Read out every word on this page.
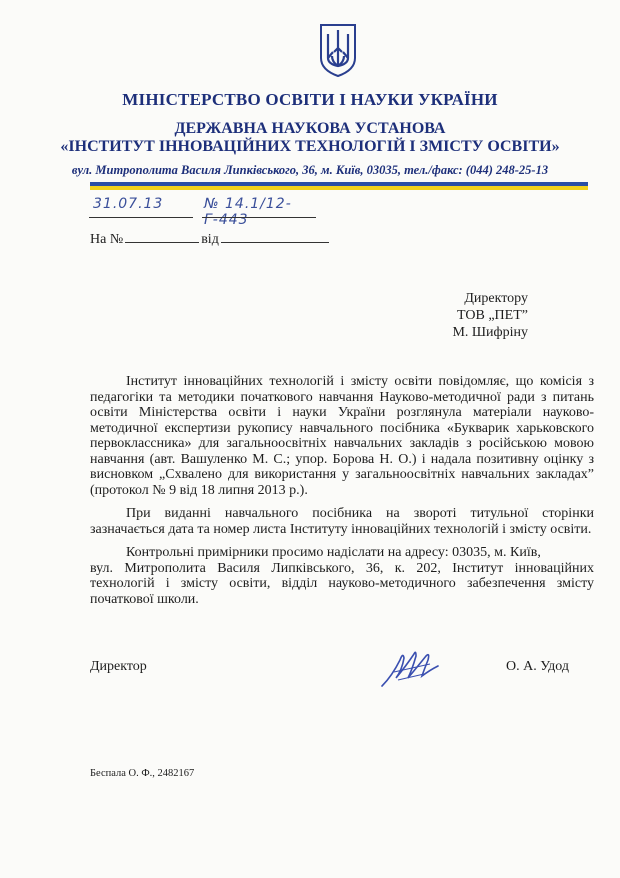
МІНІСТЕРСТВО ОСВІТИ І НАУКИ УКРАЇНИ
ДЕРЖАВНА НАУКОВА УСТАНОВА
«ІНСТИТУТ ІННОВАЦІЙНИХ ТЕХНОЛОГІЙ І ЗМІСТУ ОСВІТИ»
вул. Митрополита Василя Липківського, 36, м. Київ, 03035, тел./факс: (044) 248-25-13
31.07.13	№ 14.1/12-Г-443
На №	від
Директору
ТОВ „ПЕТ”
М. Шифріну

Інститут інноваційних технологій і змісту освіти повідомляє, що комісія з педагогіки та методики початкового навчання Науково-методичної ради з питань освіти Міністерства освіти і науки України розглянула матеріали науково-методичної експертизи рукопису навчального посібника «Букварик харьковского первоклассника» для загальноосвітніх навчальних закладів з російською мовою навчання (авт. Вашуленко М. С.; упор. Борова Н. О.) і надала позитивну оцінку з висновком „Схвалено для використання у загальноосвітніх навчальних закладах” (протокол № 9 від 18 липня 2013 р.).

При виданні навчального посібника на звороті титульної сторінки зазначається дата та номер листа Інституту інноваційних технологій і змісту освіти.

Контрольні примірники просимо надіслати на адресу: 03035, м. Київ,
вул. Митрополита Василя Липківського, 36, к. 202, Інститут інноваційних технологій і змісту освіти, відділ науково-методичного забезпечення змісту початкової школи.

Директор	О. А. Удод
Беспала О. Ф., 2482167
